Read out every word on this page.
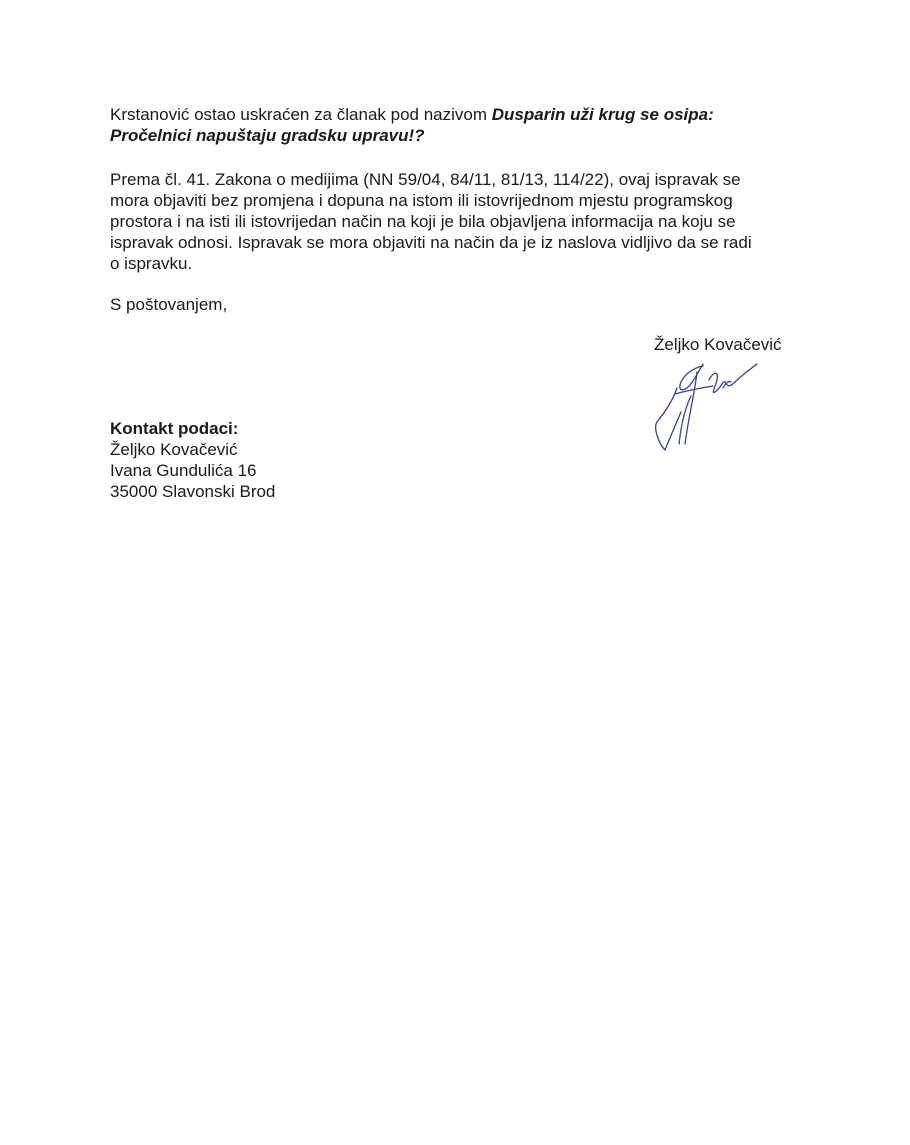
Krstanović ostao uskraćen za članak pod nazivom Dusparin uži krug se osipa:
Pročelnici napuštaju gradsku upravu!?
Prema čl. 41. Zakona o medijima (NN 59/04, 84/11, 81/13, 114/22), ovaj ispravak se
mora objaviti bez promjena i dopuna na istom ili istovrijednom mjestu programskog
prostora i na isti ili istovrijedan način na koji je bila objavljena informacija na koju se
ispravak odnosi. Ispravak se mora objaviti na način da je iz naslova vidljivo da se radi
o ispravku.
S poštovanjem,
Željko Kovačević
Kontakt podaci:
Željko Kovačević
Ivana Gundulića 16
35000 Slavonski Brod
